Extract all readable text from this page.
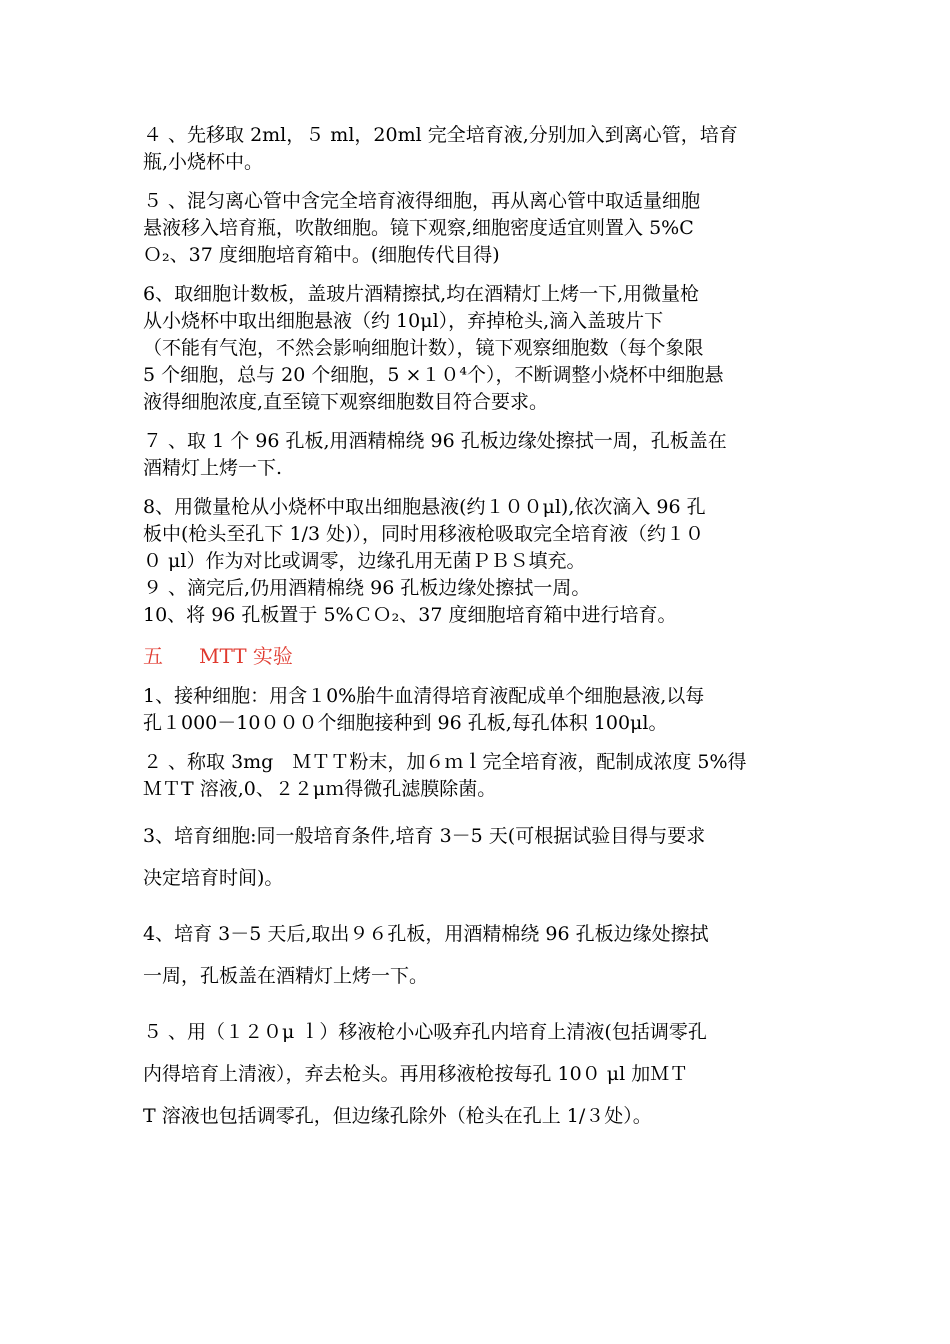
４ 、先移取 2ml，５ ml，20ml 完全培育液,分别加入到离心管，培育
瓶,小烧杯中。
５ 、混匀离心管中含完全培育液得细胞，再从离心管中取适量细胞
悬液移入培育瓶，吹散细胞。镜下观察,细胞密度适宜则置入 5%C
Ｏ₂、37 度细胞培育箱中。(细胞传代目得)
6、取细胞计数板，盖玻片酒精擦拭,均在酒精灯上烤一下,用微量枪
从小烧杯中取出细胞悬液（约 10μl），弃掉枪头,滴入盖玻片下
（不能有气泡，不然会影响细胞计数），镜下观察细胞数（每个象限
5 个细胞，总与 20 个细胞，5 ×１０⁴个），不断调整小烧杯中细胞悬
液得细胞浓度,直至镜下观察细胞数目符合要求。
７ 、取 1 个 96 孔板,用酒精棉绕 96 孔板边缘处擦拭一周，孔板盖在
酒精灯上烤一下.
8、用微量枪从小烧杯中取出细胞悬液(约１００μl),依次滴入 96 孔
板中(枪头至孔下 1/3 处)），同时用移液枪吸取完全培育液（约１０
０ μl）作为对比或调零，边缘孔用无菌ＰＢＳ填充。
９ 、滴完后,仍用酒精棉绕 96 孔板边缘处擦拭一周。
10、将 96 孔板置于 5%ＣＯ₂、37 度细胞培育箱中进行培育。
五 MTT 实验
1、接种细胞：用含１0%胎牛血清得培育液配成单个细胞悬液,以每
孔１000－10０００个细胞接种到 96 孔板,每孔体积 100μl。
２ 、称取 3mg　ＭＴＴ粉末，加６ｍｌ完全培育液，配制成浓度 5%得
ＭＴT 溶液,0、２２μｍ得微孔滤膜除菌。
3、培育细胞:同一般培育条件,培育 3－5 天(可根据试验目得与要求
决定培育时间)。
4、培育 3－5 天后,取出９６孔板，用酒精棉绕 96 孔板边缘处擦拭
一周，孔板盖在酒精灯上烤一下。
５ 、用（１２０μ ｌ）移液枪小心吸弃孔内培育上清液(包括调零孔
内得培育上清液），弃去枪头。再用移液枪按每孔 10０ μl 加ＭＴ
T 溶液也包括调零孔，但边缘孔除外（枪头在孔上 1/３处）。
